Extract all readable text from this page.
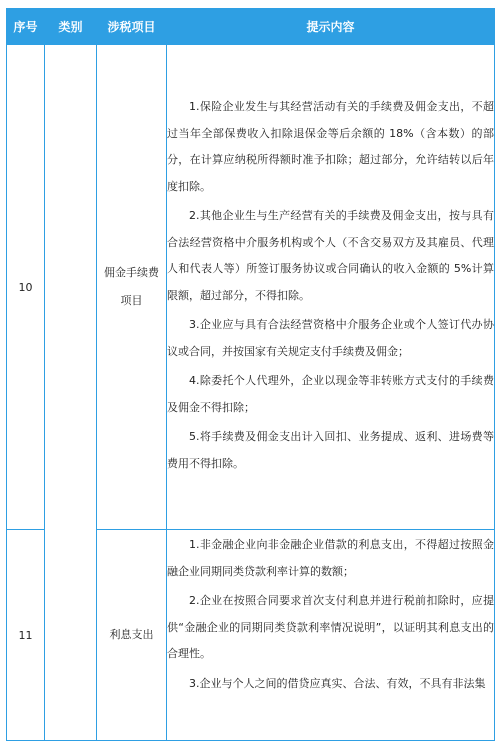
序号	类别	涉税项目	提示内容
10		佣金手续费项目	1.保险企业发生与其经营活动有关的手续费及佣金支出，不超过当年全部保费收入扣除退保金等后余额的 18%（含本数）的部分，在计算应纳税所得额时准予扣除；超过部分，允许结转以后年度扣除。

2.其他企业生与生产经营有关的手续费及佣金支出，按与具有合法经营资格中介服务机构或个人（不含交易双方及其雇员、代理人和代表人等）所签订服务协议或合同确认的收入金额的 5%计算限额，超过部分，不得扣除。

3.企业应与具有合法经营资格中介服务企业或个人签订代办协议或合同，并按国家有关规定支付手续费及佣金；

4.除委托个人代理外，企业以现金等非转账方式支付的手续费及佣金不得扣除；

5.将手续费及佣金支出计入回扣、业务提成、返利、进场费等费用不得扣除。

11		利息支出	1.非金融企业向非金融企业借款的利息支出，不得超过按照金融企业同期同类贷款利率计算的数额；

2.企业在按照合同要求首次支付利息并进行税前扣除时，应提供“金融企业的同期同类贷款利率情况说明”，以证明其利息支出的合理性。

3.企业与个人之间的借贷应真实、合法、有效，不具有非法集
